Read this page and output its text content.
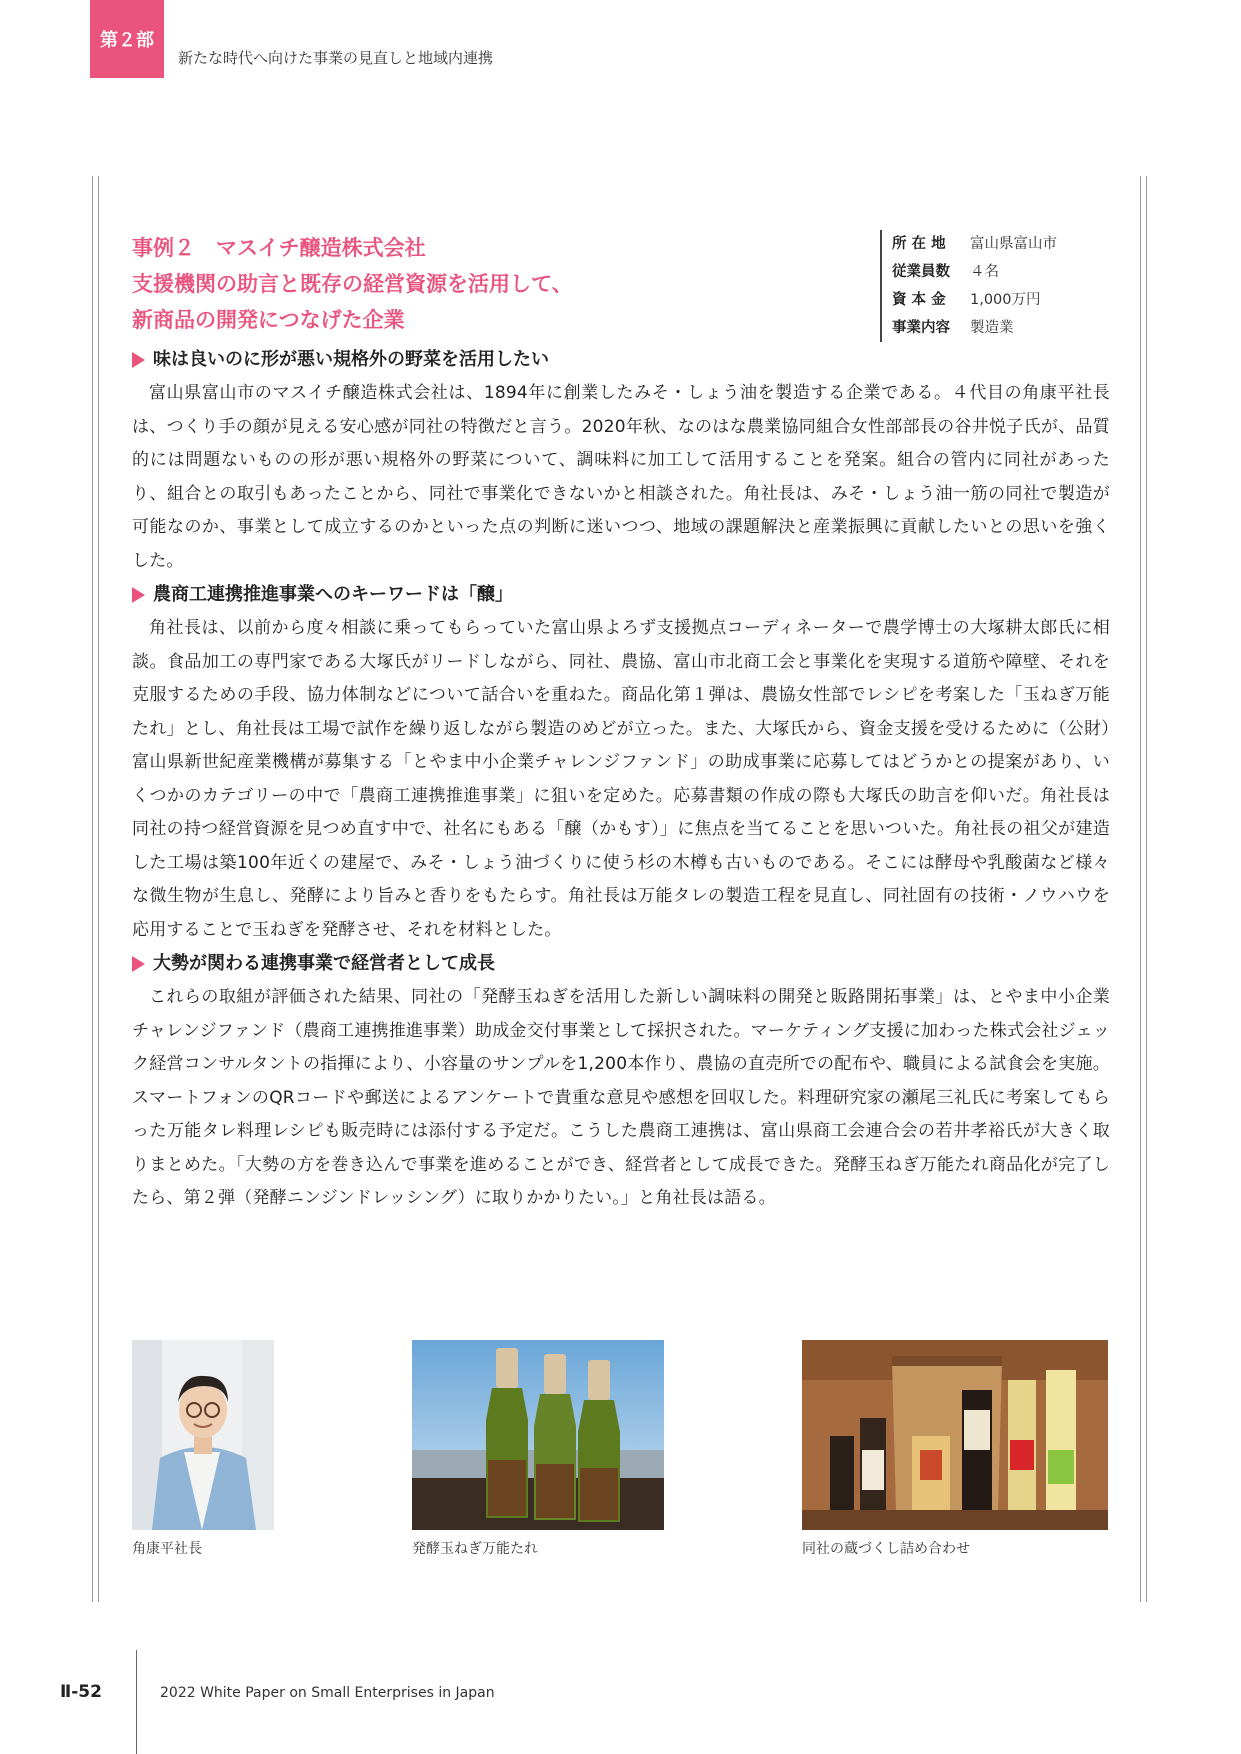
第２部
新たな時代へ向けた事業の見直しと地域内連携
事例２　マスイチ醸造株式会社
支援機関の助言と既存の経営資源を活用して、
新商品の開発につなげた企業
所 在 地 富山県富山市
従業員数 ４名
資 本 金 1,000万円
事業内容 製造業
味は良いのに形が悪い規格外の野菜を活用したい

富山県富山市のマスイチ醸造株式会社は、1894年に創業したみそ・しょう油を製造する企業である。４代目の角康平社長は、つくり手の顔が見える安心感が同社の特徴だと言う。2020年秋、なのはな農業協同組合女性部部長の谷井悦子氏が、品質的には問題ないものの形が悪い規格外の野菜について、調味料に加工して活用することを発案。組合の管内に同社があったり、組合との取引もあったことから、同社で事業化できないかと相談された。角社長は、みそ・しょう油一筋の同社で製造が可能なのか、事業として成立するのかといった点の判断に迷いつつ、地域の課題解決と産業振興に貢献したいとの思いを強くした。

農商工連携推進事業へのキーワードは「醸」

角社長は、以前から度々相談に乗ってもらっていた富山県よろず支援拠点コーディネーターで農学博士の大塚耕太郎氏に相談。食品加工の専門家である大塚氏がリードしながら、同社、農協、富山市北商工会と事業化を実現する道筋や障壁、それを克服するための手段、協力体制などについて話合いを重ねた。商品化第１弾は、農協女性部でレシピを考案した「玉ねぎ万能たれ」とし、角社長は工場で試作を繰り返しながら製造のめどが立った。また、大塚氏から、資金支援を受けるために（公財）富山県新世紀産業機構が募集する「とやま中小企業チャレンジファンド」の助成事業に応募してはどうかとの提案があり、いくつかのカテゴリーの中で「農商工連携推進事業」に狙いを定めた。応募書類の作成の際も大塚氏の助言を仰いだ。角社長は同社の持つ経営資源を見つめ直す中で、社名にもある「醸（かもす）」に焦点を当てることを思いついた。角社長の祖父が建造した工場は築100年近くの建屋で、みそ・しょう油づくりに使う杉の木樽も古いものである。そこには酵母や乳酸菌など様々な微生物が生息し、発酵により旨みと香りをもたらす。角社長は万能タレの製造工程を見直し、同社固有の技術・ノウハウを応用することで玉ねぎを発酵させ、それを材料とした。

大勢が関わる連携事業で経営者として成長

これらの取組が評価された結果、同社の「発酵玉ねぎを活用した新しい調味料の開発と販路開拓事業」は、とやま中小企業チャレンジファンド（農商工連携推進事業）助成金交付事業として採択された。マーケティング支援に加わった株式会社ジェック経営コンサルタントの指揮により、小容量のサンプルを1,200本作り、農協の直売所での配布や、職員による試食会を実施。スマートフォンのQRコードや郵送によるアンケートで貴重な意見や感想を回収した。料理研究家の瀬尾三礼氏に考案してもらった万能タレ料理レシピも販売時には添付する予定だ。こうした農商工連携は、富山県商工会連合会の若井孝裕氏が大きく取りまとめた。「大勢の方を巻き込んで事業を進めることができ、経営者として成長できた。発酵玉ねぎ万能たれ商品化が完了したら、第２弾（発酵ニンジンドレッシング）に取りかかりたい。」と角社長は語る。

角康平社長	発酵玉ねぎ万能たれ	同社の蔵づくし詰め合わせ
Ⅱ-52	2022 White Paper on Small Enterprises in Japan
